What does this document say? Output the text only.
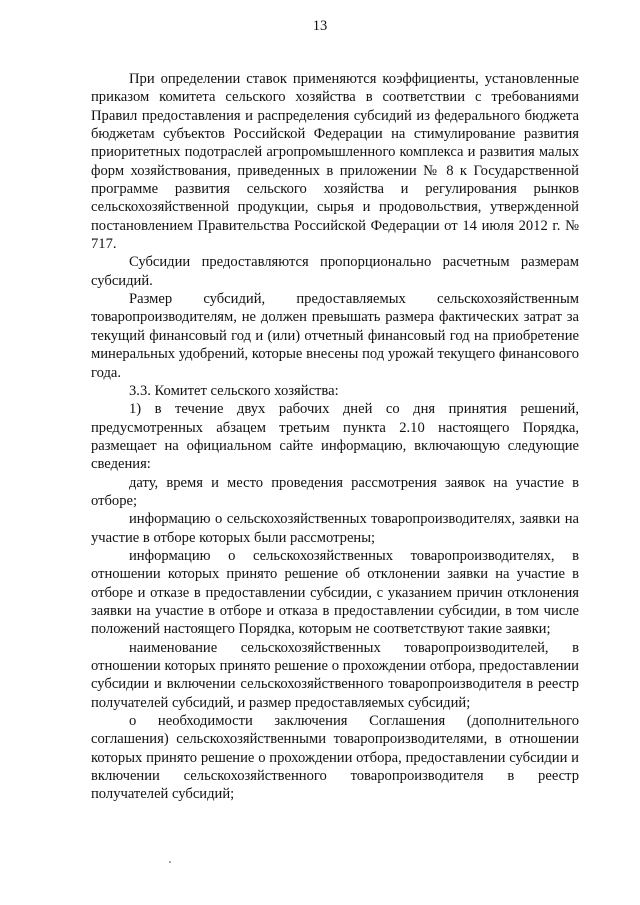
13

При определении ставок применяются коэффициенты, установленные приказом комитета сельского хозяйства в соответствии с требованиями Правил предоставления и распределения субсидий из федерального бюджета бюджетам субъектов Российской Федерации на стимулирование развития приоритетных подотраслей агропромышленного комплекса и развития малых форм хозяйствования, приведенных в приложении № 8 к Государственной программе развития сельского хозяйства и регулирования рынков сельскохозяйственной продукции, сырья и продовольствия, утвержденной постановлением Правительства Российской Федерации от 14 июля 2012 г. № 717.

Субсидии предоставляются пропорционально расчетным размерам субсидий.

Размер субсидий, предоставляемых сельскохозяйственным товаропроизводителям, не должен превышать размера фактических затрат за текущий финансовый год и (или) отчетный финансовый год на приобретение минеральных удобрений, которые внесены под урожай текущего финансового года.

3.3. Комитет сельского хозяйства:

1) в течение двух рабочих дней со дня принятия решений, предусмотренных абзацем третьим пункта 2.10 настоящего Порядка, размещает на официальном сайте информацию, включающую следующие сведения:

дату, время и место проведения рассмотрения заявок на участие в отборе;

информацию о сельскохозяйственных товаропроизводителях, заявки на участие в отборе которых были рассмотрены;

информацию о сельскохозяйственных товаропроизводителях, в отношении которых принято решение об отклонении заявки на участие в отборе и отказе в предоставлении субсидии, с указанием причин отклонения заявки на участие в отборе и отказа в предоставлении субсидии, в том числе положений настоящего Порядка, которым не соответствуют такие заявки;

наименование сельскохозяйственных товаропроизводителей, в отношении которых принято решение о прохождении отбора, предоставлении субсидии и включении сельскохозяйственного товаропроизводителя в реестр получателей субсидий, и размер предоставляемых субсидий;

о необходимости заключения Соглашения (дополнительного соглашения) сельскохозяйственными товаропроизводителями, в отношении которых принято решение о прохождении отбора, предоставлении субсидии и включении сельскохозяйственного товаропроизводителя в реестр получателей субсидий;
